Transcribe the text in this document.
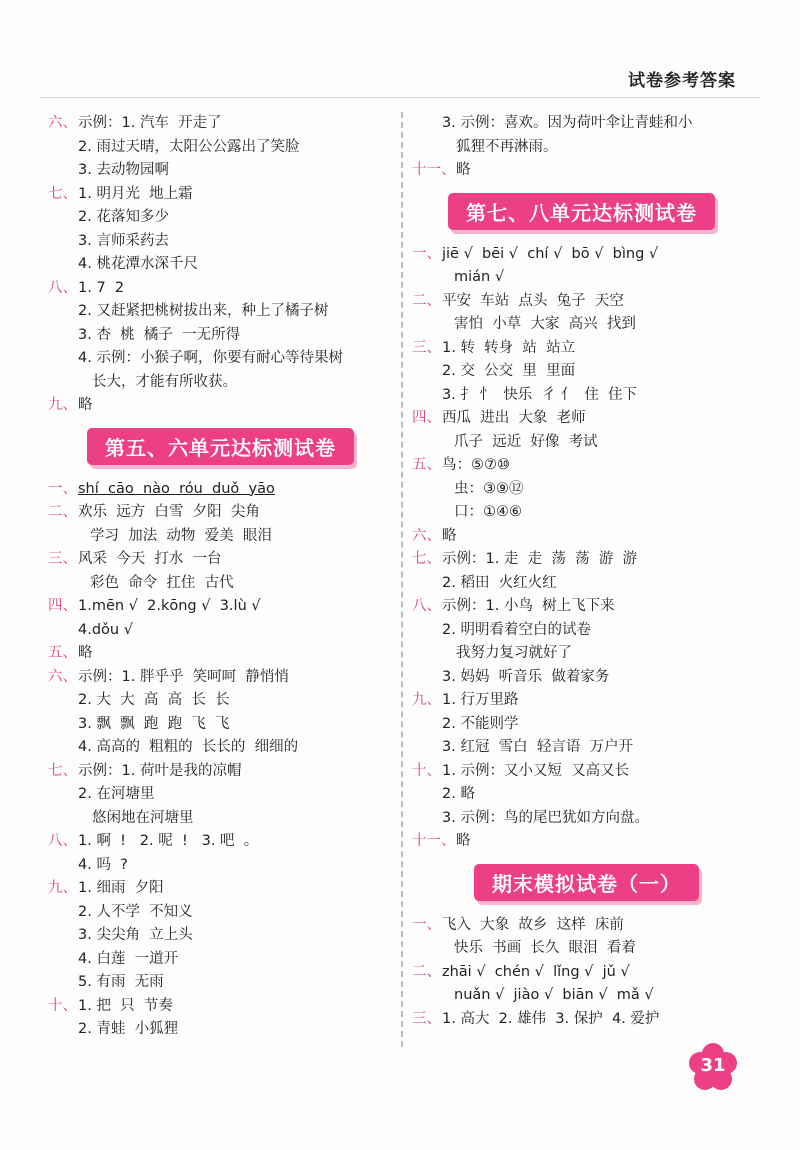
试卷参考答案
六、示例：1. 汽车  开走了
2. 雨过天晴，太阳公公露出了笑脸
3. 去动物园啊
七、1. 明月光  地上霜
2. 花落知多少
3. 言师采药去
4. 桃花潭水深千尺
八、1. 7  2
2. 又赶紧把桃树拔出来，种上了橘子树
3. 杏  桃  橘子  一无所得
4. 示例：小猴子啊，你要有耐心等待果树
长大，才能有所收获。
九、略
第五、六单元达标测试卷
一、shí  cāo  nào  róu  duǒ  yāo
二、欢乐  远方  白雪  夕阳  尖角
学习  加法  动物  爱美  眼泪
三、风采  今天  打水  一台
彩色  命令  扛住  古代
四、1.mēn √  2.kōng √  3.lù √
4.dǒu √
五、略
六、示例：1. 胖乎乎  笑呵呵  静悄悄
2. 大  大  高  高  长  长
3. 飘  飘  跑  跑  飞  飞
4. 高高的  粗粗的  长长的  细细的
七、示例：1. 荷叶是我的凉帽
2. 在河塘里
悠闲地在河塘里
八、1. 啊  !   2. 呢  !   3. 吧  。
4. 吗  ?
九、1. 细雨  夕阳
2. 人不学  不知义
3. 尖尖角  立上头
4. 白莲  一道开
5. 有雨  无雨
十、1. 把  只  节奏
2. 青蛙  小狐狸
3. 示例：喜欢。因为荷叶伞让青蛙和小
狐狸不再淋雨。
十一、略
第七、八单元达标测试卷
一、jiē √  bēi √  chí √  bō √  bìng √
mián √
二、平安  车站  点头  兔子  天空
害怕  小草  大家  高兴  找到
三、1. 转  转身  站  站立
2. 交  公交  里  里面
3. 扌 忄  快乐  彳 亻  住  住下
四、西瓜  进出  大象  老师
爪子  远近  好像  考试
五、鸟：⑤⑦⑩
虫：③⑨⑫
口：①④⑥
六、略
七、示例：1. 走  走  荡  荡  游  游
2. 稻田  火红火红
八、示例：1. 小鸟  树上飞下来
2. 明明看着空白的试卷
我努力复习就好了
3. 妈妈  听音乐  做着家务
九、1. 行万里路
2. 不能则学
3. 红冠  雪白  轻言语  万户开
十、1. 示例：又小又短  又高又长
2. 略
3. 示例：鸟的尾巴犹如方向盘。
十一、略
期末模拟试卷（一）
一、飞入  大象  故乡  这样  床前
快乐  书画  长久  眼泪  看着
二、zhāi √  chén √  lǐng √  jǔ √
nuǎn √  jiào √  biān √  mǎ √
三、1. 高大  2. 雄伟  3. 保护  4. 爱护
31
